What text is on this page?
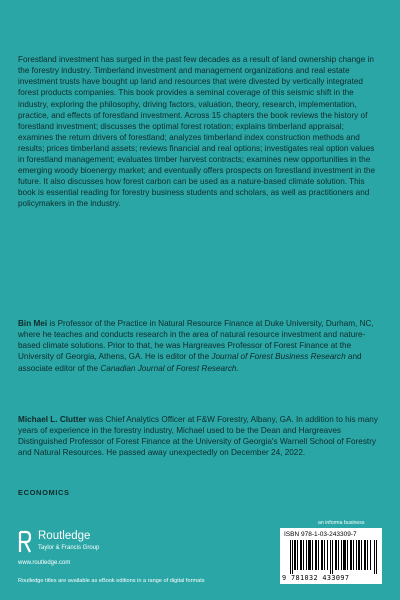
Forestland investment has surged in the past few decades as a result of land ownership change in the forestry industry. Timberland investment and management organizations and real estate investment trusts have bought up land and resources that were divested by vertically integrated forest products companies. This book provides a seminal coverage of this seismic shift in the industry, exploring the philosophy, driving factors, valuation, theory, research, implementation, practice, and effects of forestland investment. Across 15 chapters the book reviews the history of forestland investment; discusses the optimal forest rotation; explains timberland appraisal; examines the return drivers of forestland; analyzes timberland index construction methods and results; prices timberland assets; reviews financial and real options; investigates real option values in forestland management; evaluates timber harvest contracts; examines new opportunities in the emerging woody bioenergy market; and eventually offers prospects on forestland investment in the future. It also discusses how forest carbon can be used as a nature-based climate solution. This book is essential reading for forestry business students and scholars, as well as practitioners and policymakers in the industry.

Bin Mei is Professor of the Practice in Natural Resource Finance at Duke University, Durham, NC, where he teaches and conducts research in the area of natural resource investment and nature-based climate solutions. Prior to that, he was Hargreaves Professor of Forest Finance at the University of Georgia, Athens, GA. He is editor of the Journal of Forest Business Research and associate editor of the Canadian Journal of Forest Research.

Michael L. Clutter was Chief Analytics Officer at F&W Forestry, Albany, GA. In addition to his many years of experience in the forestry industry, Michael used to be the Dean and Hargreaves Distinguished Professor of Forest Finance at the University of Georgia's Warnell School of Forestry and Natural Resources. He passed away unexpectedly on December 24, 2022.

ECONOMICS
Routledge
Taylor & Francis Group
www.routledge.com
Routledge titles are available as eBook editions in a range of digital formats
an informa business
ISBN 978-1-03-243309-7
9 781032 433097
